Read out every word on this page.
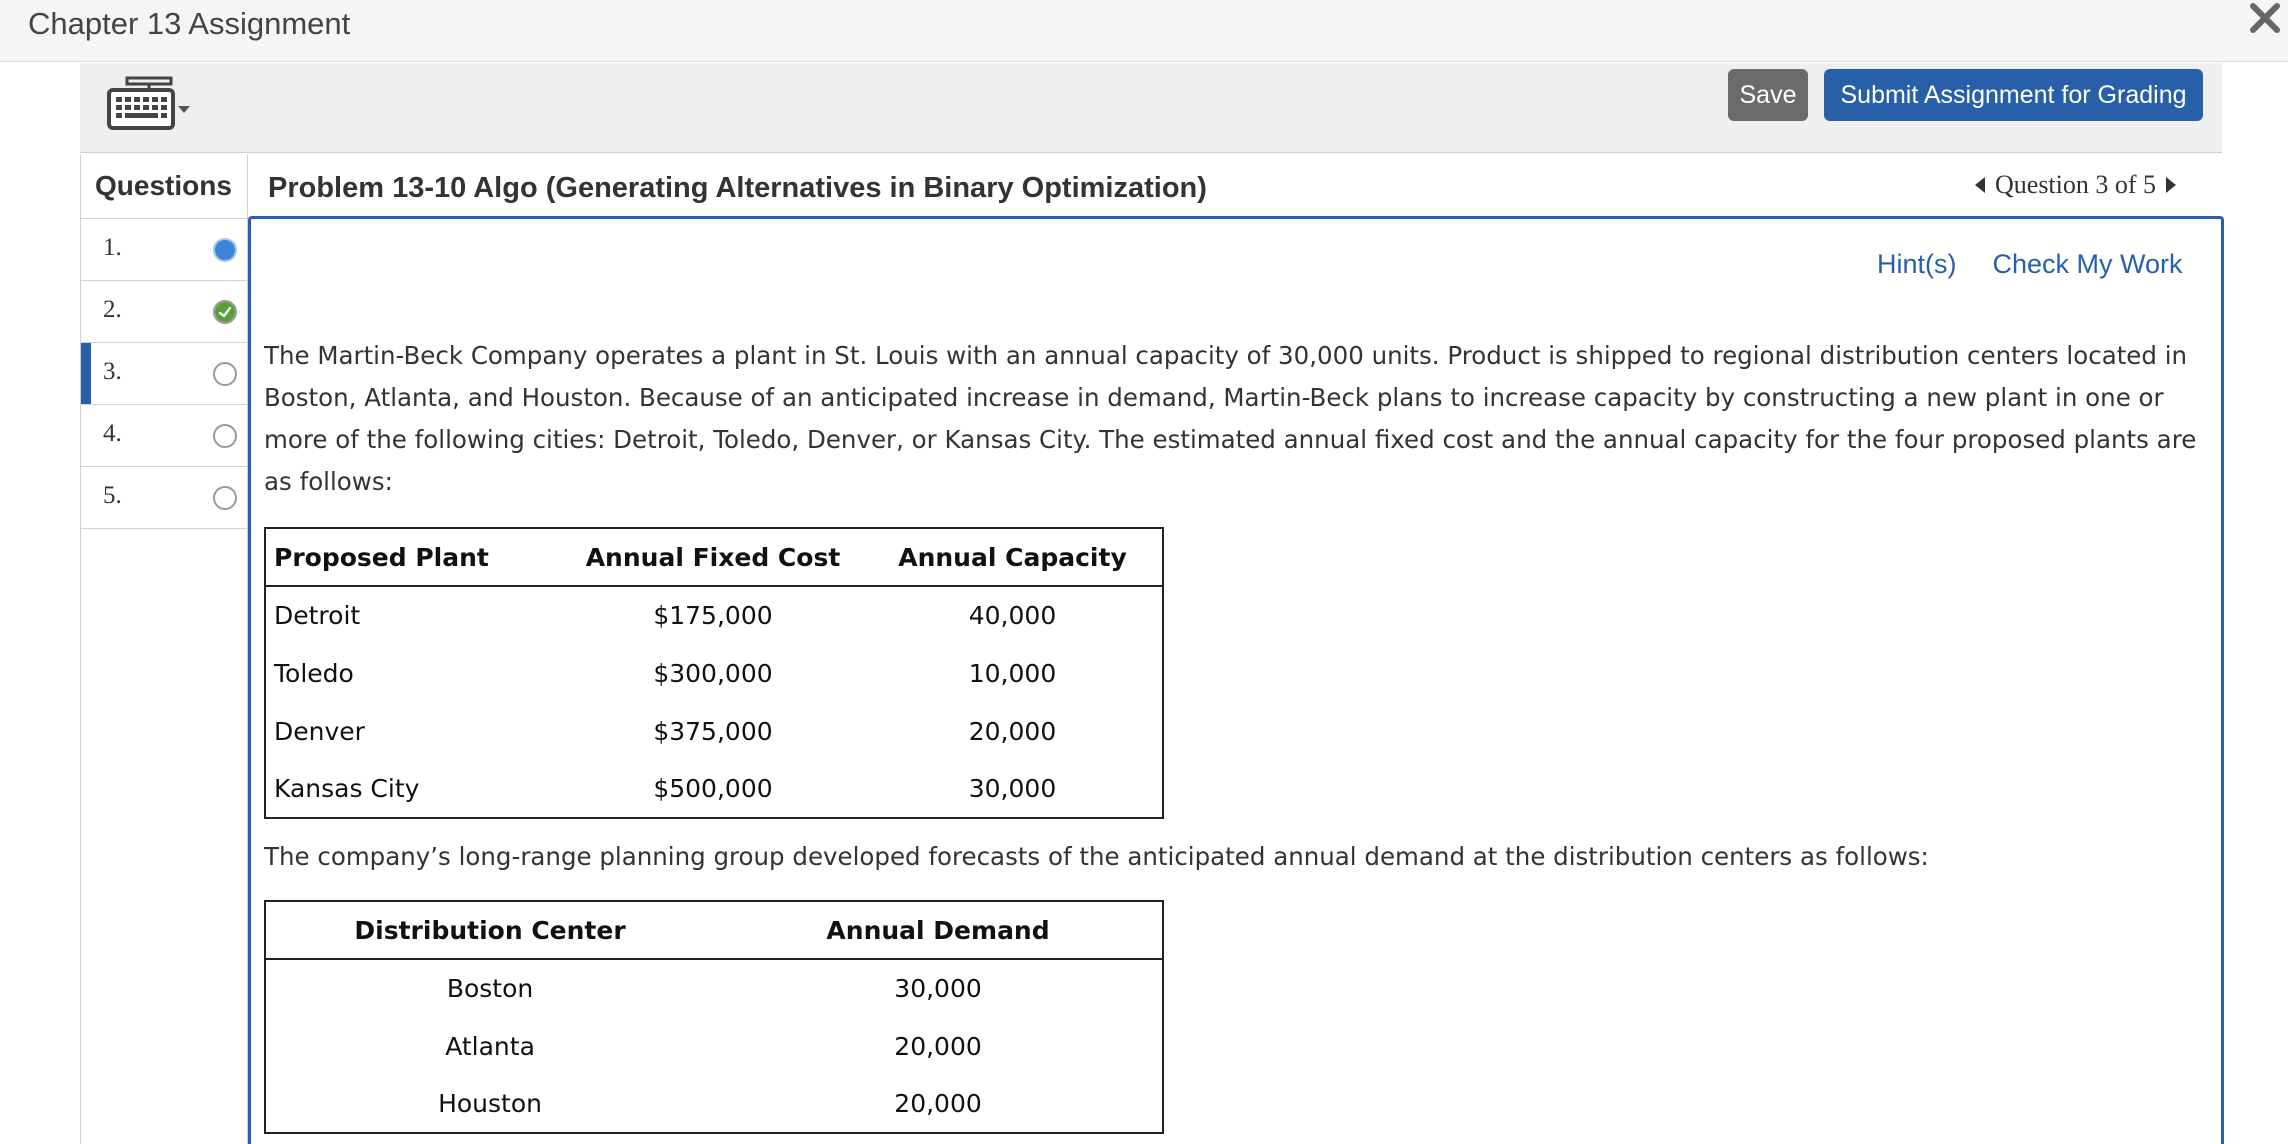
Chapter 13 Assignment
Save	Submit Assignment for Grading
Questions
1.
2.
3.
4.
5.
Problem 13-10 Algo (Generating Alternatives in Binary Optimization)	Question 3 of 5
Hint(s) Check My Work

The Martin-Beck Company operates a plant in St. Louis with an annual capacity of 30,000 units. Product is shipped to regional distribution centers located in Boston, Atlanta, and Houston. Because of an anticipated increase in demand, Martin-Beck plans to increase capacity by constructing a new plant in one or more of the following cities: Detroit, Toledo, Denver, or Kansas City. The estimated annual fixed cost and the annual capacity for the four proposed plants are as follows:

Proposed Plant	Annual Fixed Cost	Annual Capacity
Detroit	$175,000	40,000
Toledo	$300,000	10,000
Denver	$375,000	20,000
Kansas City	$500,000	30,000

The company’s long-range planning group developed forecasts of the anticipated annual demand at the distribution centers as follows:

Distribution Center	Annual Demand
Boston	30,000
Atlanta	20,000
Houston	20,000
